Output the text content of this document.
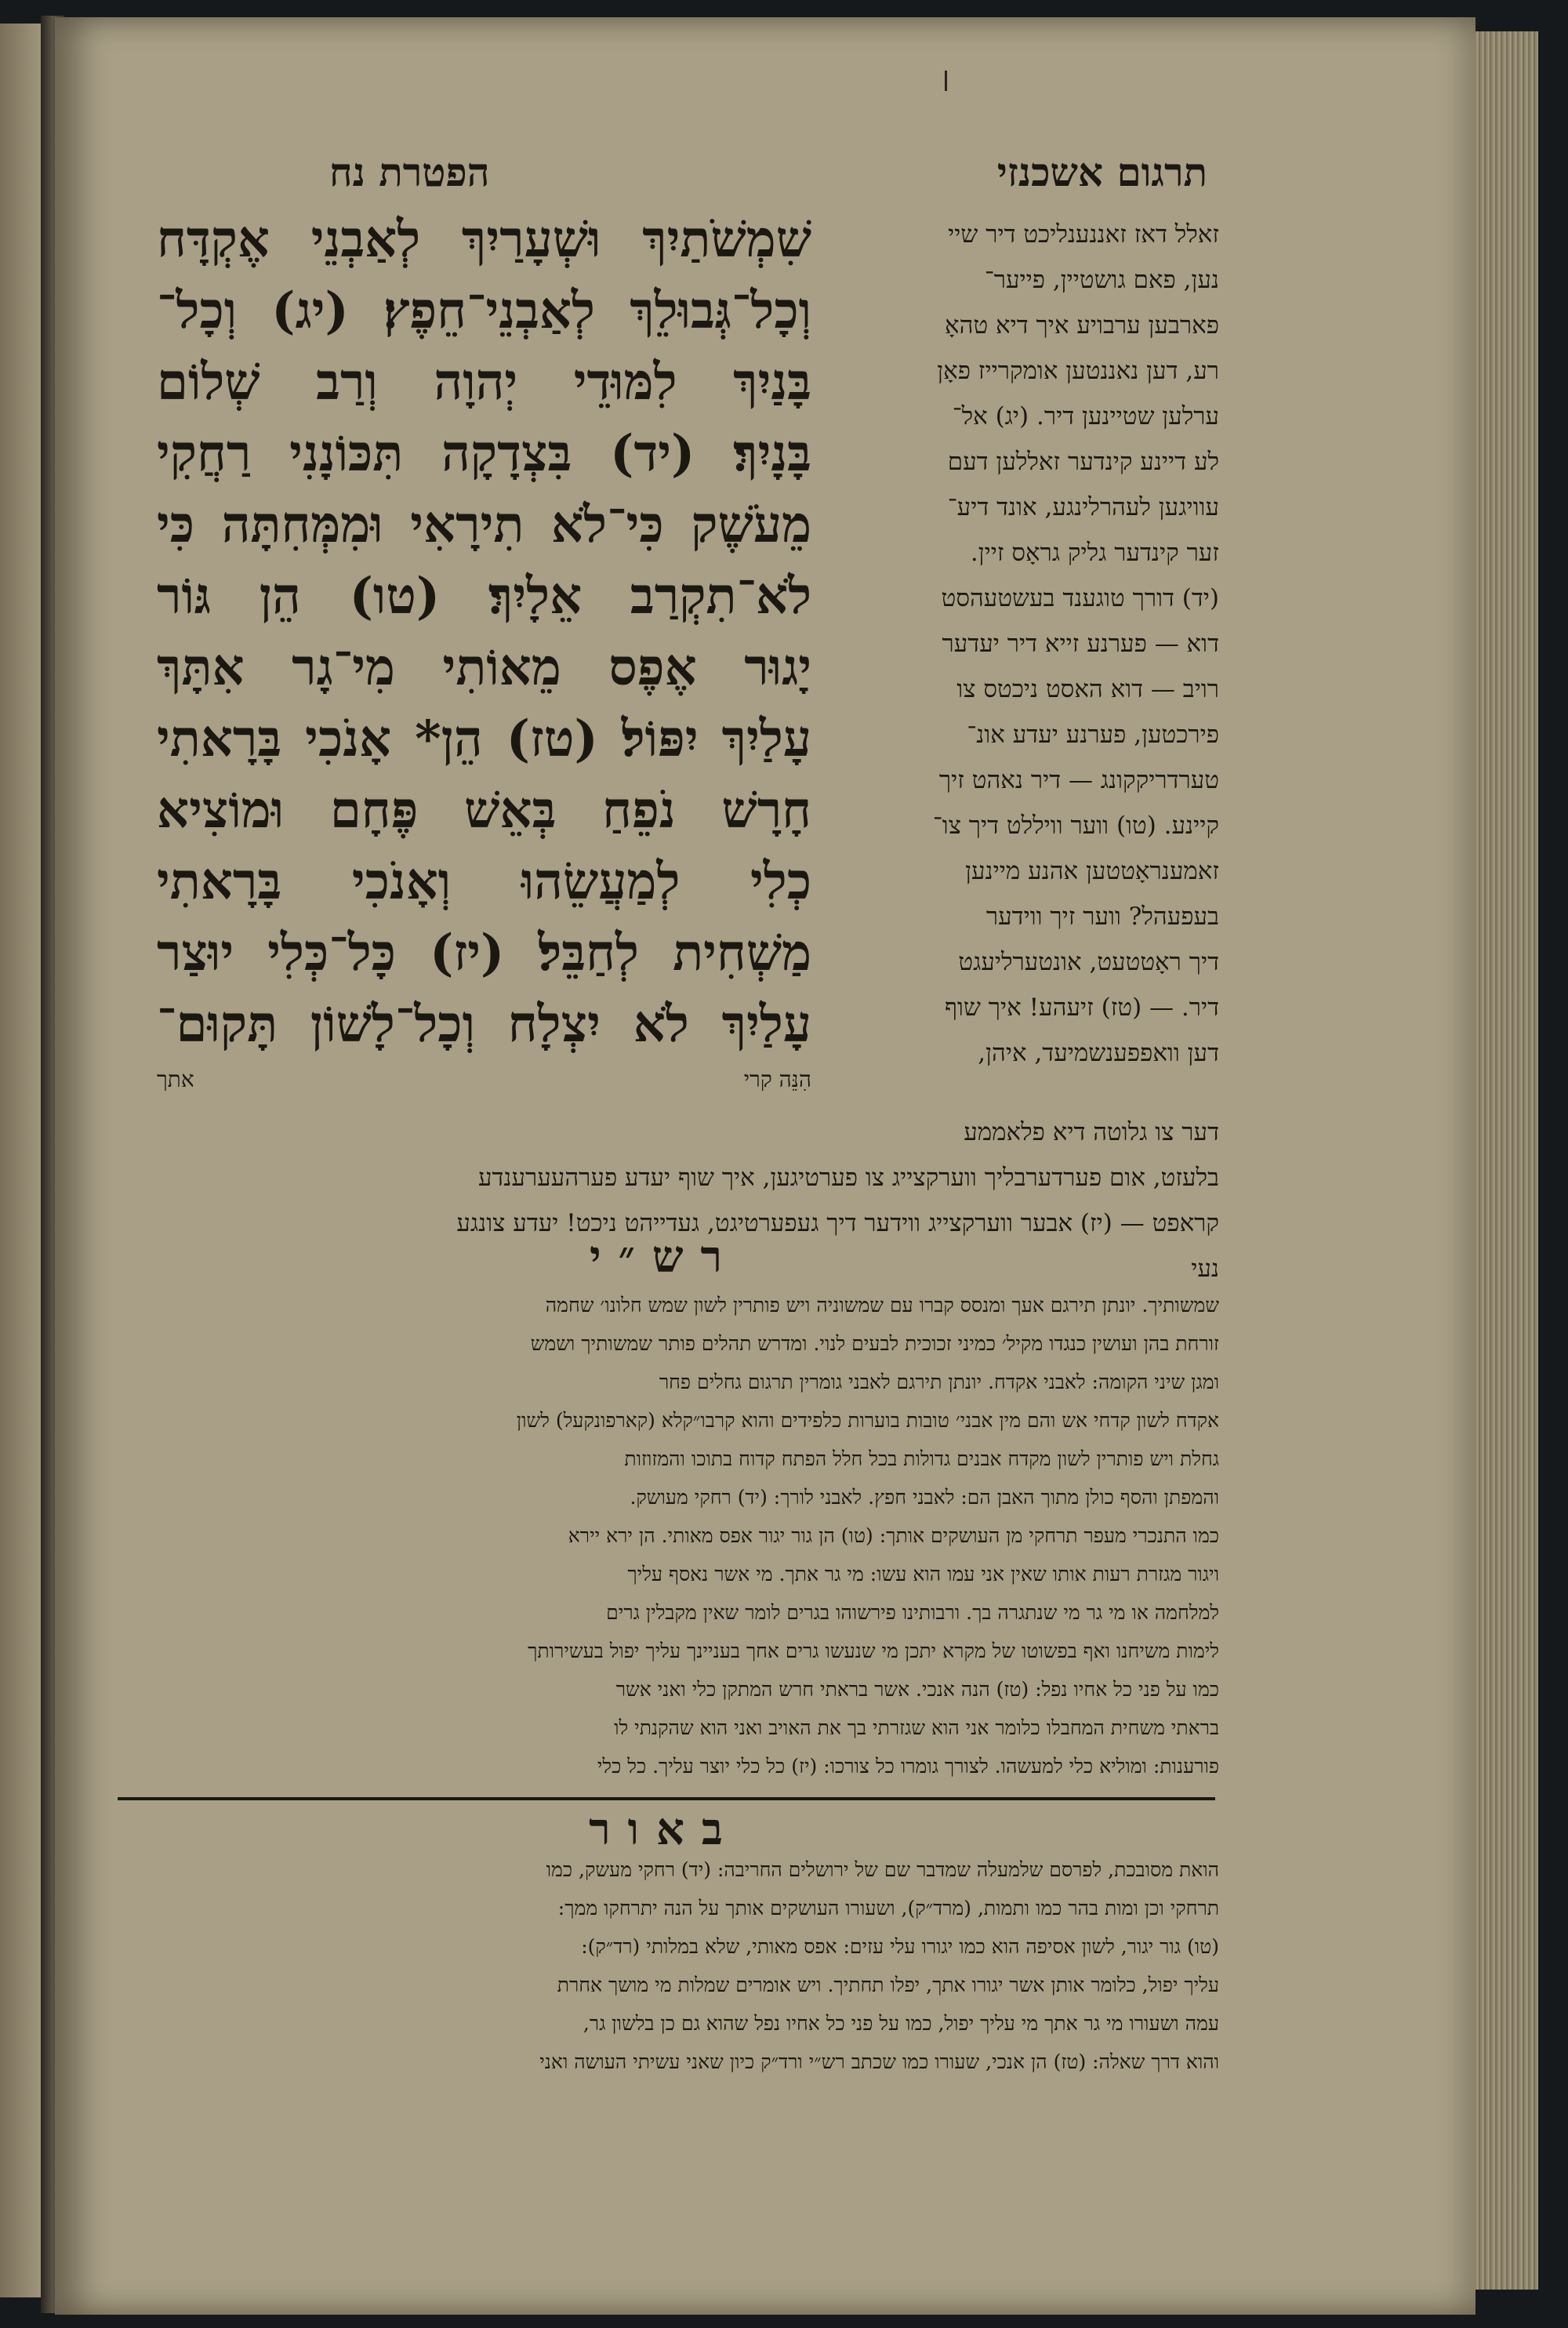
הפטרת נח	תרגום אשכנזי
שִׁמְשֹׁתַיִךְ וּשְׁעָרַיִךְ לְאַבְנֵי אֶקְדָּח
וְכָל־גְּבוּלֵךְ לְאַבְנֵי־חֵפֶץ׃ (יג) וְכָל־
בָּנַיִךְ לִמּוּדֵי יְהוָה וְרַב שְׁלוֹם
בָּנָיִךְ׃ (יד) בִּצְדָקָה תִּכּוֹנָנִי רַחֲקִי
מֵעֹשֶׁק כִּי־לֹא תִירָאִי וּמִמְּחִתָּה כִּי
לֹא־תִקְרַב אֵלָיִךְ׃ (טו) הֵן גּוֹר
יָגוּר אֶפֶס מֵאוֹתִי מִי־גָר אִתָּךְ
עָלַיִךְ יִפּוֹל׃ (טז) הֵן* אָנֹכִי בָּרָאתִי
חָרָשׁ נֹפֵחַ בְּאֵשׁ פֶּחָם וּמוֹצִיא
כְלִי לְמַעֲשֵׂהוּ וְאָנֹכִי בָּרָאתִי
מַשְׁחִית לְחַבֵּל׃ (יז) כָּל־כְּלִי יוּצַר
עָלַיִךְ לֹא יִצְלָח וְכָל־לָשׁוֹן תָּקוּם־
הִנֵּה קרי
אתך
זאלל דאז זאננענליכט דיר שיי
נען, פאם גושטיין, פייער־
פארבען ערבויע איך דיא טהאָ
רע, דען נאננטען אומקרייז פאָן
ערלען שטיינען דיר. (יג) אל־
לע דיינע קינדער זאללען דעם
עוויגען לעהרלינגע, אונד דיע־
זער קינדער גליק גראָס זיין.
(יד) דורך טוגענד בעשטעהסט
דוא — פערנע זייא דיר יעדער
רויב — דוא האסט ניכטס צו
פירכטען, פערנע יעדע אונ־
טערדריקקונג — דיר נאהט זיך
קיינע. (טו) ווער וויללט דיך צו־
זאמענראָטטען אהנע מיינען
בעפעהל? ווער זיך ווידער
דיך ראָטטעט, אונטערליעגט
דיר. — (טז) זיעהע! איך שוף
דען וואפפענשמיעד, איהן,
דער צו גלוטה דיא פלאממע
בלעזט, אום פערדערבליך ווערקצייג צו פערטיגען, איך שוף יעדע פערהעערענדע
קראפט — (יז) אבער ווערקצייג ווידער דיך געפערטיגט, געדייהט ניכט! יעדע צונגע
נעי
רש״י
שמשותיך. יונתן תירגם אעך ומנסס קברו עם שמשוניה ויש פותרין לשון שמש חלונו׳ שחמה
זורחת בהן ועושין כנגדו מקיל׳ כמיני זכוכית לבעים לנוי. ומדרש תהלים פותר שמשותיך ושמש
ומגן שיני הקומה: לאבני אקדח. יונתן תירגם לאבני גומרין תרגום גחלים פחר
אקדח לשון קדחי אש והם מין אבני׳ טובות בוערות כלפידים והוא קרבו״קלא (קארפונקעל) לשון
גחלת ויש פותרין לשון מקדח אבנים גדולות בכל חלל הפתח קדוח בתוכו והמזוזות
והמפתן והסף כולן מתוך האבן הם: לאבני חפץ. לאבני לורך: (יד) רחקי מעושק.
כמו התנכרי מעפר תרחקי מן העושקים אותך: (טו) הן גור יגור אפס מאותי. הן ירא יירא
ויגור מגזרת רעות אותו שאין אני עמו הוא עשו: מי גר אתך. מי אשר נאסף עליך
למלחמה או מי גר מי שנתגרה בך. ורבותינו פירשוהו בגרים לומר שאין מקבלין גרים
לימות משיחנו ואף בפשוטו של מקרא יתכן מי שנעשו גרים אחך בעניינך עליך יפול בעשירותך
כמו על פני כל אחיו נפל: (טז) הנה אנכי. אשר בראתי חרש המתקן כלי ואני אשר
בראתי משחית המחבלו כלומר אני הוא שגזרתי בך את האויב ואני הוא שהקנתי לו
פורענות: ומוליא כלי למעשהו. לצורך גומרו כל צורכו: (יז) כל כלי יוצר עליך. כל כלי
באור
הואת מסובכת, לפרסם שלמעלה שמדבר שם של ירושלים החריבה: (יד) רחקי מעשק, כמו
תרחקי וכן ומות בהר כמו ותמות, (מרד״ק), ושעורו העושקים אותך על הנה יתרחקו ממך:
(טו) גור יגור, לשון אסיפה הוא כמו יגורו עלי עזים: אפס מאותי, שלא במלותי (רד״ק):
עליך יפול, כלומר אותן אשר יגורו אתך, יפלו תחתיך. ויש אומרים שמלות מי מושך אחרת
עמה ושעורו מי גר אתך מי עליך יפול, כמו על פני כל אחיו נפל שהוא גם כן בלשון גר,
והוא דרך שאלה: (טז) הן אנכי, שעורו כמו שכתב רש״י ורד״ק כיון שאני עשיתי העושה ואני
